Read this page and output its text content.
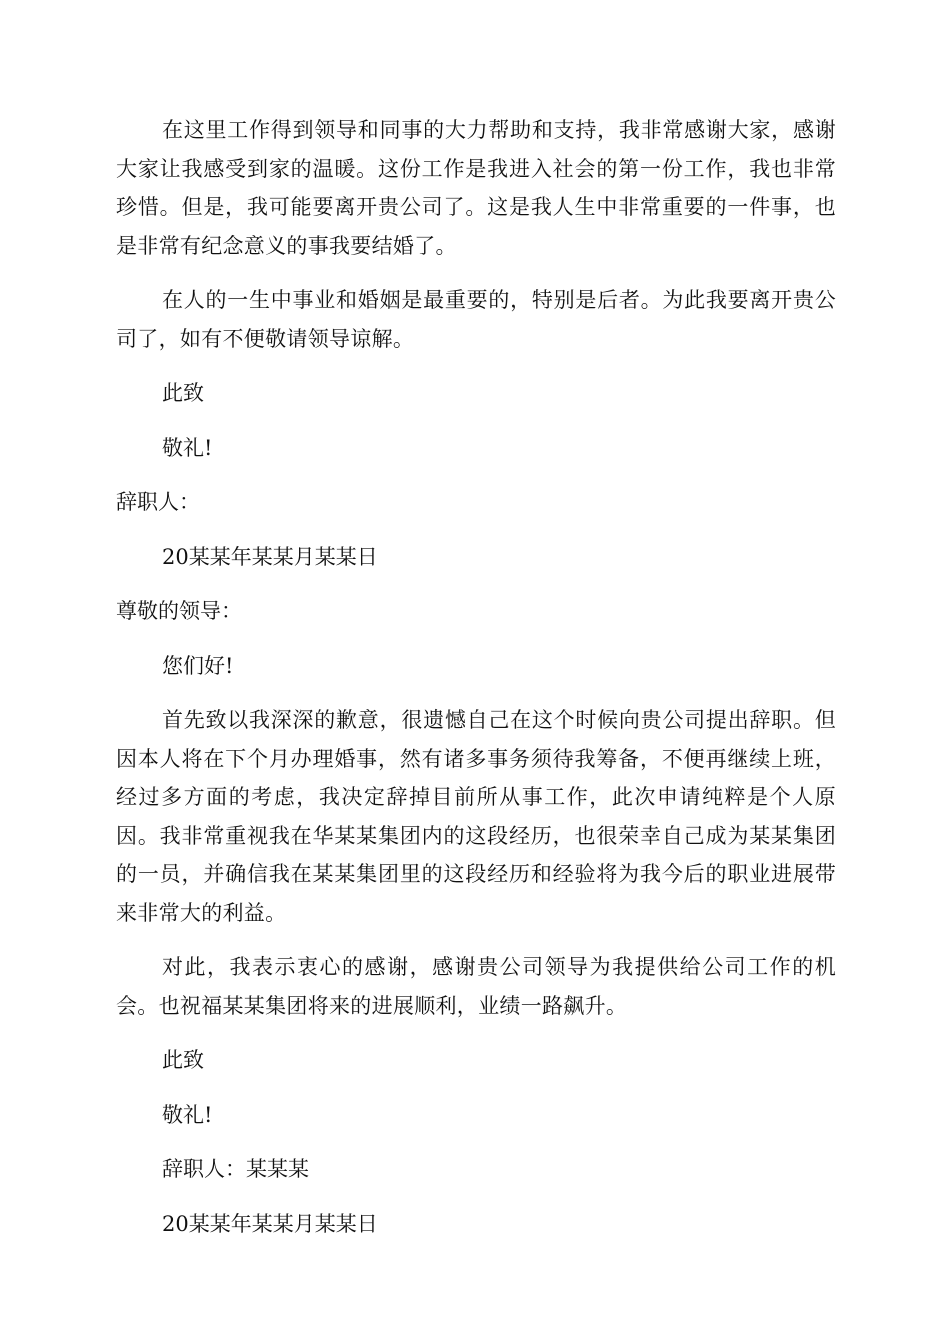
在这里工作得到领导和同事的大力帮助和支持，我非常感谢大家，感谢大家让我感受到家的温暖。这份工作是我进入社会的第一份工作，我也非常珍惜。但是，我可能要离开贵公司了。这是我人生中非常重要的一件事，也是非常有纪念意义的事我要结婚了。

在人的一生中事业和婚姻是最重要的，特别是后者。为此我要离开贵公司了，如有不便敬请领导谅解。

此致
敬礼!
辞职人：
20某某年某某月某某日
尊敬的领导：
您们好!

首先致以我深深的歉意，很遗憾自己在这个时候向贵公司提出辞职。但因本人将在下个月办理婚事，然有诸多事务须待我筹备，不便再继续上班，经过多方面的考虑，我决定辞掉目前所从事工作，此次申请纯粹是个人原因。我非常重视我在华某某集团内的这段经历，也很荣幸自己成为某某集团的一员，并确信我在某某集团里的这段经历和经验将为我今后的职业进展带来非常大的利益。

对此，我表示衷心的感谢，感谢贵公司领导为我提供给公司工作的机会。也祝福某某集团将来的进展顺利，业绩一路飙升。

此致
敬礼!
辞职人：某某某
20某某年某某月某某日
